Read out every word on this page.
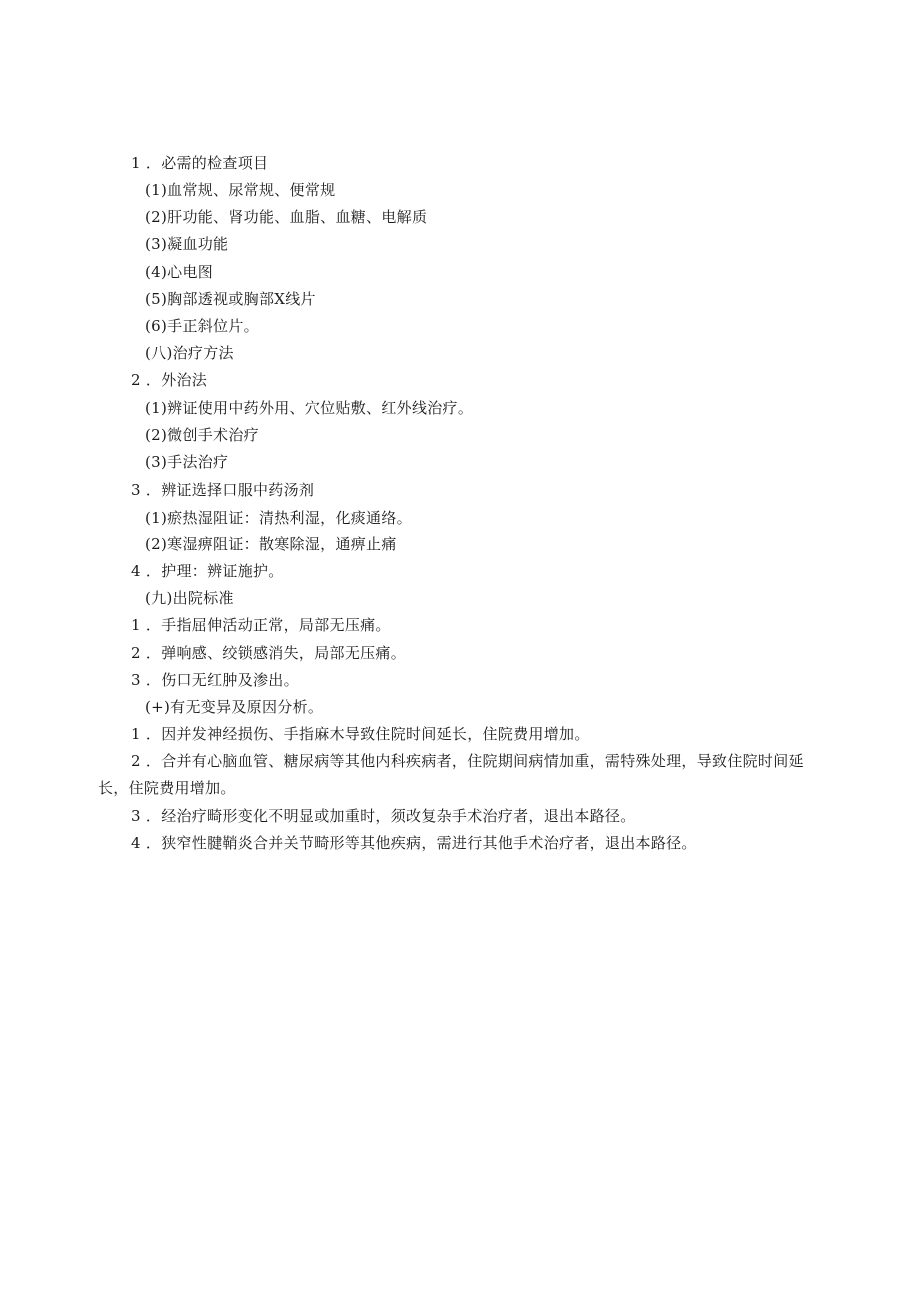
1 ．必需的检查项目
(1)血常规、尿常规、便常规
(2)肝功能、肾功能、血脂、血糖、电解质
(3)凝血功能
(4)心电图
(5)胸部透视或胸部X线片
(6)手正斜位片。
(八)治疗方法
2 ．外治法
(1)辨证使用中药外用、穴位贴敷、红外线治疗。
(2)微创手术治疗
(3)手法治疗
3 ．辨证选择口服中药汤剂
(1)瘀热湿阻证：清热利湿，化痰通络。
(2)寒湿痹阻证：散寒除湿，通痹止痛
4 ．护理：辨证施护。
(九)出院标准
1 ．手指屈伸活动正常，局部无压痛。
2 ．弹响感、绞锁感消失，局部无压痛。
3 ．伤口无红肿及渗出。
(+)有无变异及原因分析。
1 ．因并发神经损伤、手指麻木导致住院时间延长，住院费用增加。
2 ．合并有心脑血管、糖尿病等其他内科疾病者，住院期间病情加重，需特殊处理，导致住院时间延长，住院费用增加。
3 ．经治疗畸形变化不明显或加重时，须改复杂手术治疗者，退出本路径。
4 ．狭窄性腱鞘炎合并关节畸形等其他疾病，需进行其他手术治疗者，退出本路径。
